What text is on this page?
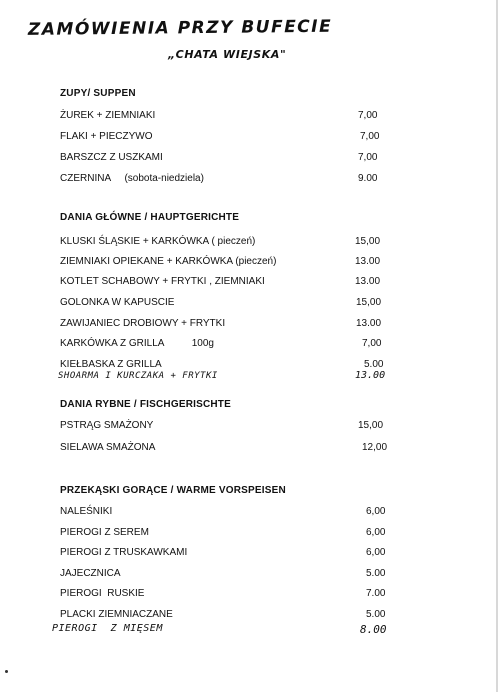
ZAMÓWIENIA PRZY BUFECIE
„CHATA WIEJSKA"
ZUPY/ SUPPEN
ŻUREK + ZIEMNIAKI	7,00
FLAKI + PIECZYWO	7,00
BARSZCZ Z USZKAMI	7,00
CZERNINA     (sobota-niedziela)	9.00
DANIA GŁÓWNE / HAUPTGERICHTE
KLUSKI ŚLĄSKIE + KARKÓWKA ( pieczeń)	15,00
ZIEMNIAKI OPIEKANE + KARKÓWKA (pieczeń)	13.00
KOTLET SCHABOWY + FRYTKI , ZIEMNIAKI	13.00
GOLONKA W KAPUSCIE	15,00
ZAWIJANIEC DROBIOWY + FRYTKI	13.00
KARKÓWKA Z GRILLA          100g	7,00
KIEŁBASKA Z GRILLA	5.00
SHOARMA I KURCZAKA + FRYTKI	13.00
DANIA RYBNE / FISCHGERISCHTE
PSTRĄG SMAŻONY	15,00
SIELAWA SMAŻONA	12,00
PRZEKĄSKI GORĄCE / WARME VORSPEISEN
NALEŚNIKI	6,00
PIEROGI Z SEREM	6,00
PIEROGI Z TRUSKAWKAMI	6,00
JAJECZNICA	5.00
PIEROGI  RUSKIE	7.00
PLACKI ZIEMNIACZANE	5.00
PIEROGI  Z MIĘSEM	8.00
